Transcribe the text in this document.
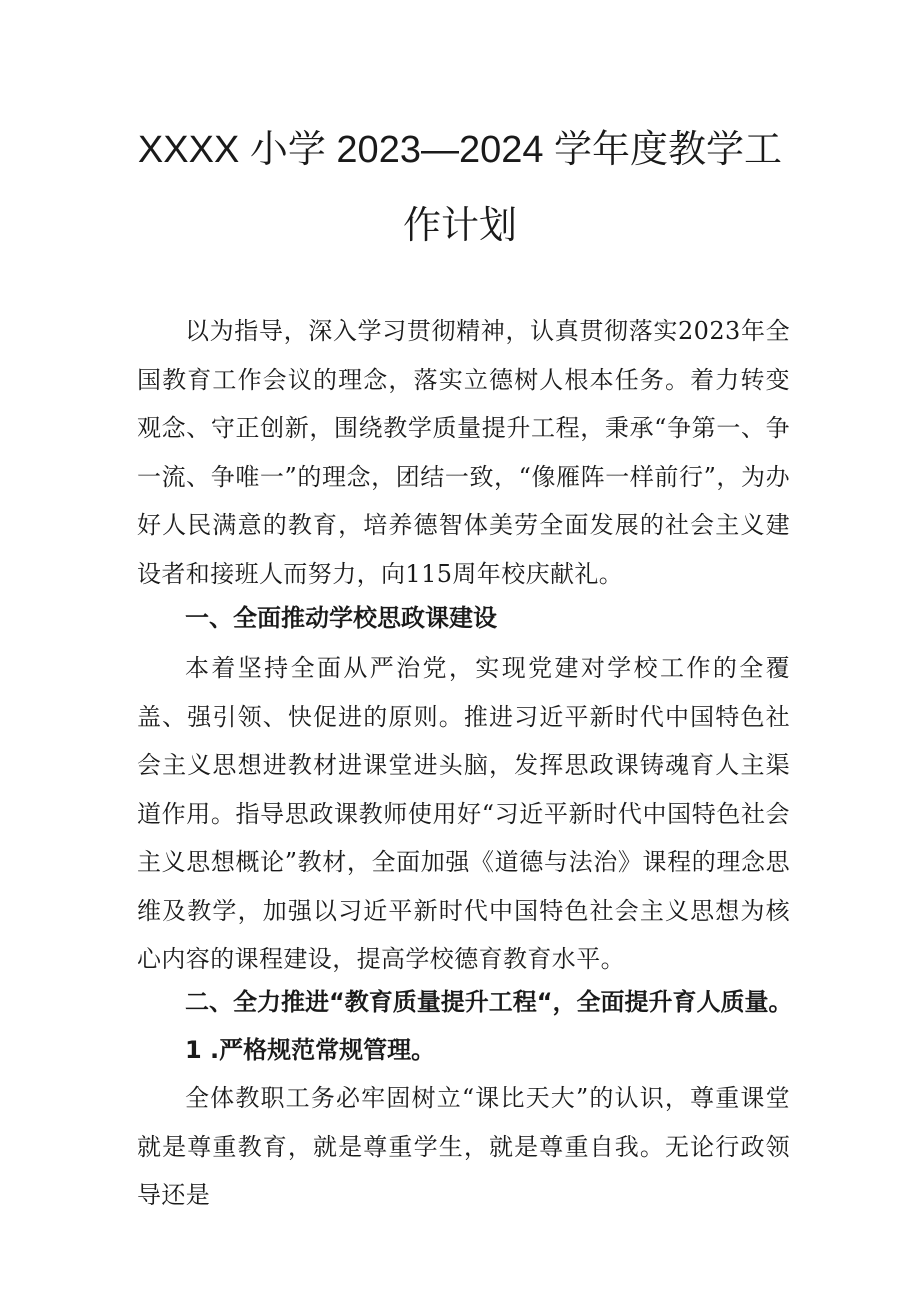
XXXX 小学 2023—2024 学年度教学工
作计划

以为指导，深入学习贯彻精神，认真贯彻落实2023年全国教育工作会议的理念，落实立德树人根本任务。着力转变观念、守正创新，围绕教学质量提升工程，秉承“争第一、争一流、争唯一”的理念，团结一致，“像雁阵一样前行”，为办好人民满意的教育，培养德智体美劳全面发展的社会主义建设者和接班人而努力，向115周年校庆献礼。

一、全面推动学校思政课建设

本着坚持全面从严治党，实现党建对学校工作的全覆盖、强引领、快促进的原则。推进习近平新时代中国特色社会主义思想进教材进课堂进头脑，发挥思政课铸魂育人主渠道作用。指导思政课教师使用好“习近平新时代中国特色社会主义思想概论”教材，全面加强《道德与法治》课程的理念思维及教学，加强以习近平新时代中国特色社会主义思想为核心内容的课程建设，提高学校德育教育水平。

二、全力推进“教育质量提升工程“，全面提升育人质量。
1 .严格规范常规管理。

全体教职工务必牢固树立“课比天大”的认识，尊重课堂就是尊重教育，就是尊重学生，就是尊重自我。无论行政领导还是
